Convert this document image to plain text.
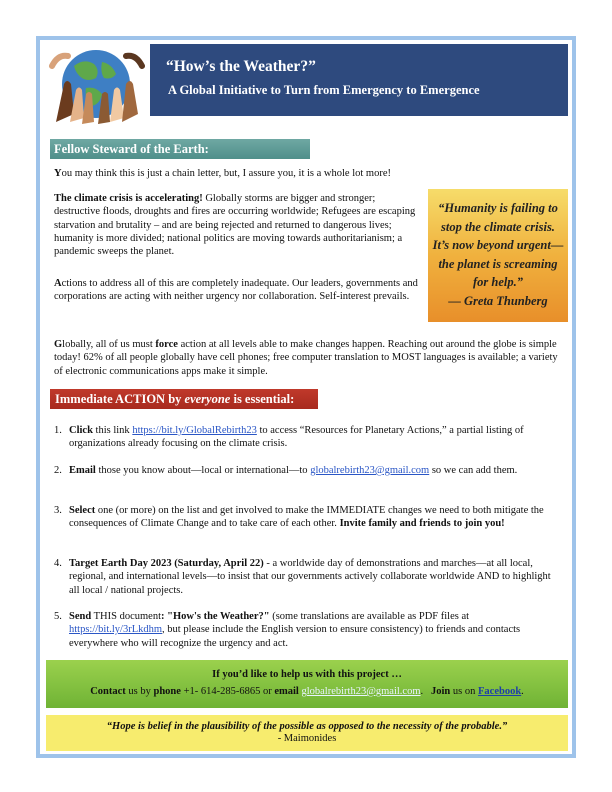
“How’s the Weather?”
A Global Initiative to Turn from Emergency to Emergence
Fellow Steward of the Earth:
You may think this is just a chain letter, but, I assure you, it is a whole lot more!
The climate crisis is accelerating! Globally storms are bigger and stronger; destructive floods, droughts and fires are occurring worldwide; Refugees are escaping starvation and brutality – and are being rejected and returned to dangerous lives; humanity is more divided; national politics are moving towards authoritarianism; a pandemic sweeps the planet.
Actions to address all of this are completely inadequate. Our leaders, governments and corporations are acting with neither urgency nor collaboration. Self-interest prevails.
“Humanity is failing to
stop the climate crisis.
It’s now beyond urgent—
the planet is screaming
for help.”
— Greta Thunberg
Globally, all of us must force action at all levels able to make changes happen. Reaching out around the globe is simple today! 62% of all people globally have cell phones; free computer translation to MOST languages is available; a variety of electronic communications apps make it simple.
Immediate ACTION by everyone is essential:
1. Click this link https://bit.ly/GlobalRebirth23 to access “Resources for Planetary Actions,” a partial listing of organizations already focusing on the climate crisis.
2. Email those you know about—local or international—to globalrebirth23@gmail.com so we can add them.
3. Select one (or more) on the list and get involved to make the IMMEDIATE changes we need to both mitigate the consequences of Climate Change and to take care of each other. Invite family and friends to join you!
4. Target Earth Day 2023 (Saturday, April 22) - a worldwide day of demonstrations and marches—at all local, regional, and international levels—to insist that our governments actively collaborate worldwide AND to highlight all local / national projects.
5. Send THIS document: "How's the Weather?" (some translations are available as PDF files at https://bit.ly/3rLkdhm, but please include the English version to ensure consistency) to friends and contacts everywhere who will recognize the urgency and act.
If you’d like to help us with this project …
Contact us by phone +1- 614-285-6865 or email globalrebirth23@gmail.com.   Join us on Facebook.
“Hope is belief in the plausibility of the possible as opposed to the necessity of the probable.”
- Maimonides
